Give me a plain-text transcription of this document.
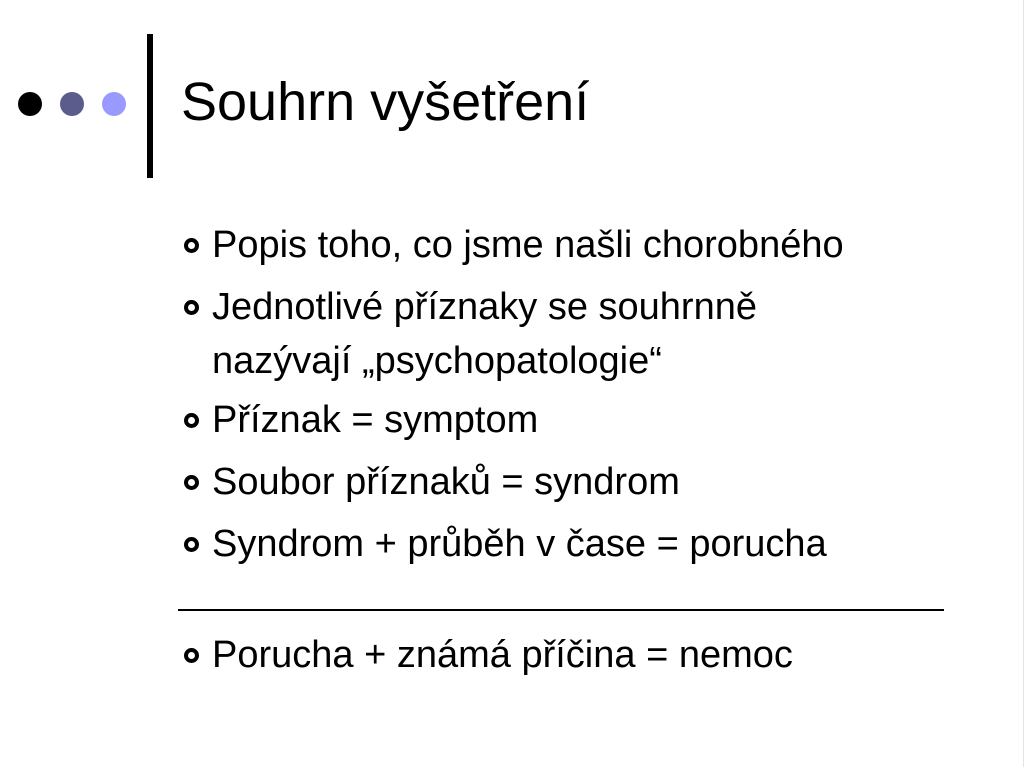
Souhrn vyšetření
Popis toho, co jsme našli chorobného
Jednotlivé příznaky se souhrnně
nazývají „psychopatologie“
Příznak = symptom
Soubor příznaků = syndrom
Syndrom + průběh v čase = porucha
Porucha + známá příčina = nemoc
